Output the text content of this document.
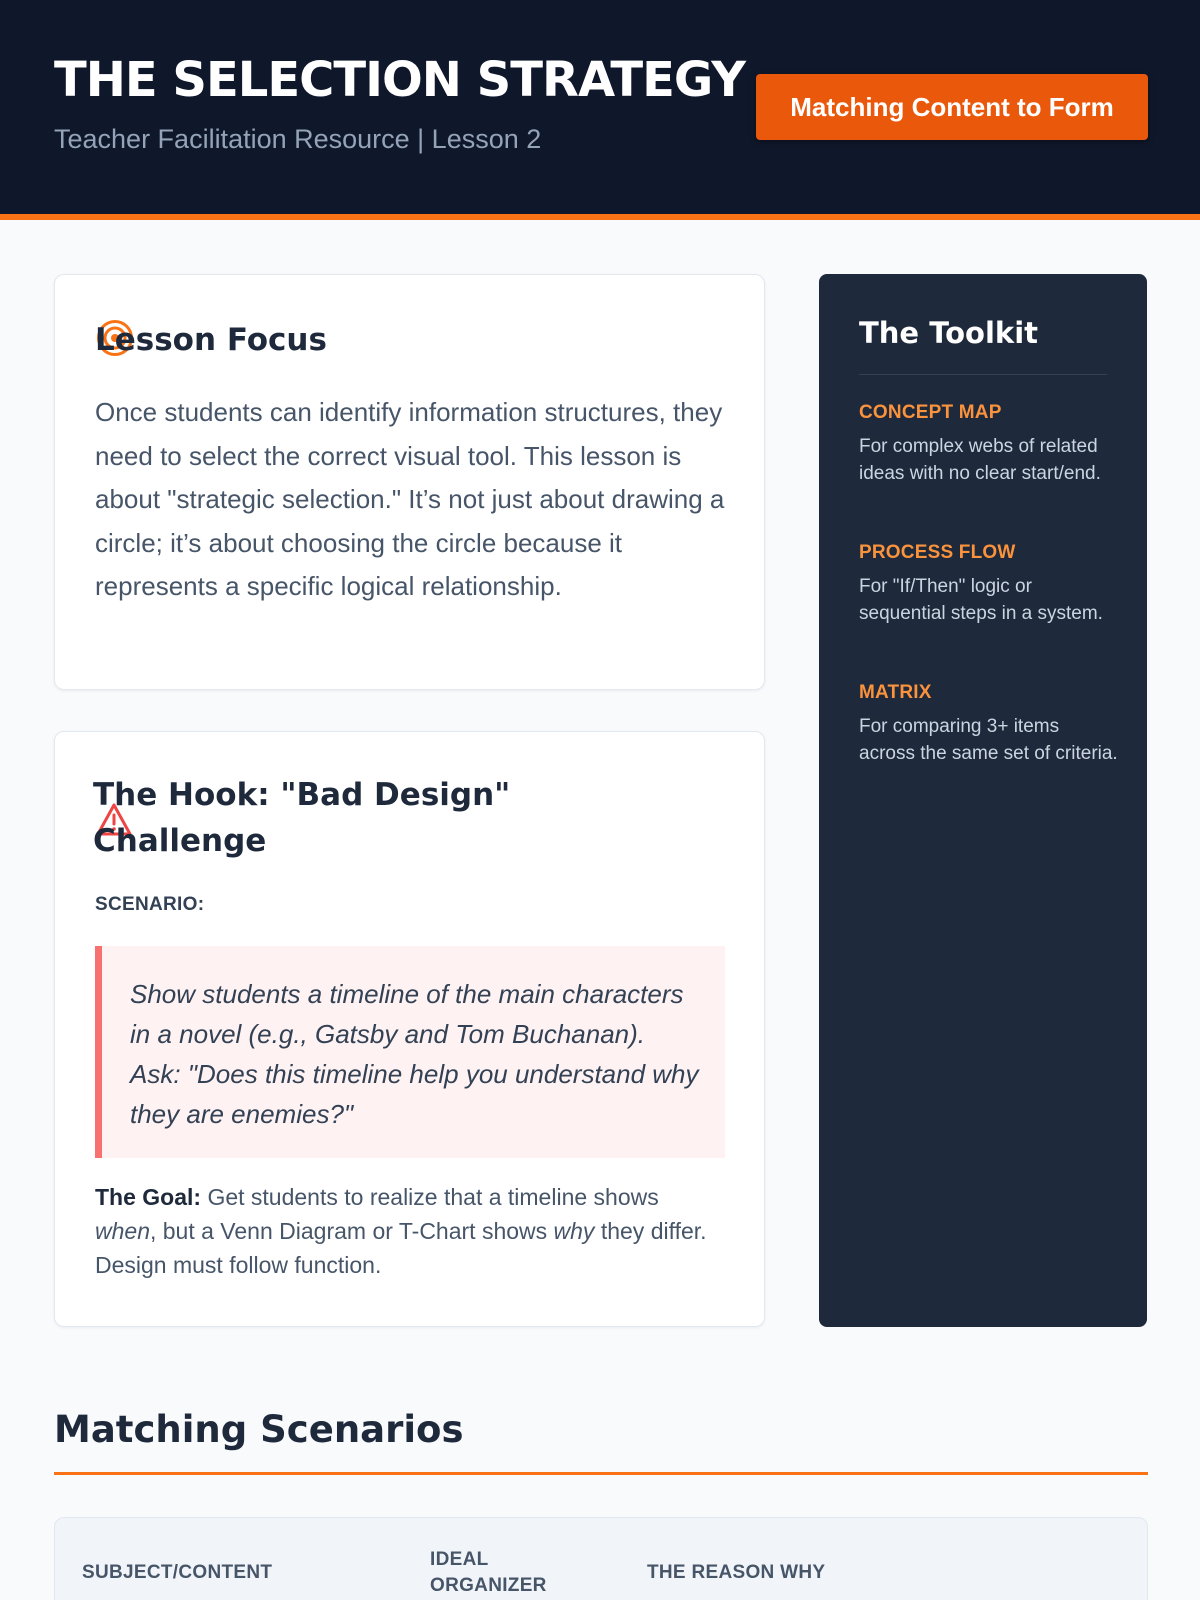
THE SELECTION STRATEGY
Teacher Facilitation Resource | Lesson 2
Matching Content to Form
Once students can identify information structures, they need to select the correct visual tool. This lesson is about "strategic selection." It’s not just about drawing a circle; it’s about choosing the circle because it represents a specific logical relationship.
Lesson Focus
SCENARIO:
Show students a timeline of the main characters in a novel (e.g., Gatsby and Tom Buchanan). Ask: "Does this timeline help you understand why they are enemies?"
The Goal: Get students to realize that a timeline shows when, but a Venn Diagram or T-Chart shows why they differ. Design must follow function.
The Hook: "Bad Design" Challenge
The Toolkit
CONCEPT MAP
For complex webs of related ideas with no clear start/end.
PROCESS FLOW
For "If/Then" logic or sequential steps in a system.
MATRIX
For comparing 3+ items across the same set of criteria.
Matching Scenarios
SUBJECT/CONTENT
IDEAL ORGANIZER
THE REASON WHY
